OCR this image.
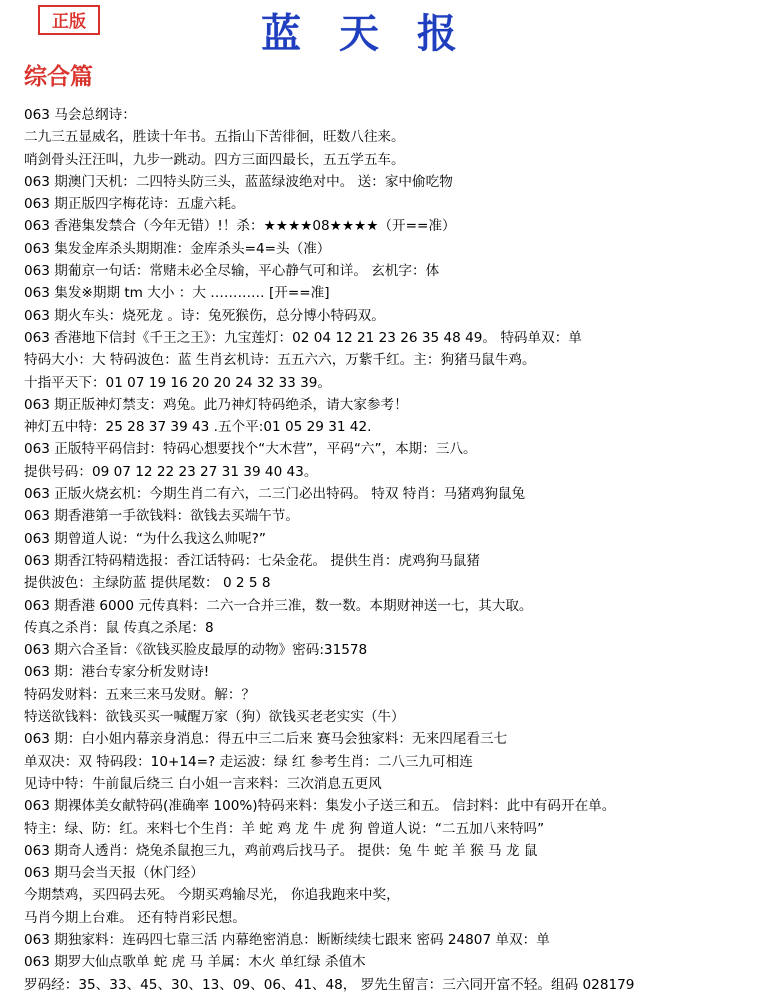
正版	蓝 天 报
综合篇
063 马会总纲诗：
二九三五显威名，胜读十年书。五指山下苦徘徊，旺数八往来。
哨剑骨头汪汪叫，九步一跳动。四方三面四最长，五五学五车。
063 期澳门天机：二四特头防三头，蓝蓝绿波绝对中。 送：家中偷吃物
063 期正版四字梅花诗：五虚六耗。
063 香港集发禁合（今年无错）!！杀：★★★★08★★★★（开==准）
063 集发金库杀头期期准：金库杀头=4=头（准）
063 期葡京一句话：常赌未必全尽输，平心静气可和详。 玄机字：体
063 集发※期期 tm 大小 ：大 ………… [开==准]
063 期火车头：烧死龙 。诗：兔死猴伤，总分博小特码双。
063 香港地下信封《千王之王》：九宝莲灯：02 04 12 21 23 26 35 48 49。 特码单双：单
特码大小：大 特码波色：蓝 生肖玄机诗：五五六六，万紫千红。主：狗猪马鼠牛鸡。
十指平天下：01 07 19 16 20 20 24 32 33 39。
063 期正版神灯禁支：鸡兔。此乃神灯特码绝杀，请大家参考！
神灯五中特：25 28 37 39 43 .五个平:01 05 29 31 42.
063 正版特平码信封：特码心想要找个“大木营”，平码“六”，本期：三八。
提供号码：09 07 12 22 23 27 31 39 40 43。
063 正版火烧玄机：今期生肖二有六，二三门必出特码。 特双 特肖：马猪鸡狗鼠兔
063 期香港第一手欲钱料：欲钱去买端午节。
063 期曾道人说：“为什么我这么帅呢?”
063 期香江特码精选报：香江话特码：七朵金花。 提供生肖：虎鸡狗马鼠猪
提供波色：主绿防蓝 提供尾数： 0 2 5 8
063 期香港 6000 元传真料：二六一合并三准，数一数。本期财神送一七，其大取。
传真之杀肖：鼠 传真之杀尾：8
063 期六合圣旨：《欲钱买脸皮最厚的动物》密码:31578
063 期：港台专家分析发财诗!
特码发财料：五来三来马发财。解：？
特送欲钱料：欲钱买买一喊醒万家（狗）欲钱买老老实实（牛）
063 期：白小姐内幕亲身消息：得五中三二后来 赛马会独家料：无来四尾看三七
单双决：双 特码段：10+14=? 走运波：绿 红 参考生肖：二八三九可相连
见诗中特：牛前鼠后绕三 白小姐一言来料：三次消息五更风
063 期裸体美女献特码(准确率 100%)特码来料：集发小子送三和五。 信封料：此中有码开在单。
特主：绿、防：红。来料七个生肖：羊 蛇 鸡 龙 牛 虎 狗 曾道人说：“二五加八来特吗”
063 期奇人透肖：烧兔杀鼠抱三九，鸡前鸡后找马子。 提供：兔 牛 蛇 羊 猴 马 龙 鼠
063 期马会当天报（休门经）
今期禁鸡，买四码去死。 今期买鸡输尽光， 你追我跑来中奖，
马肖今期上台难。 还有特肖彩民想。
063 期独家料：连码四七靠三活 内幕绝密消息：断断续续七跟来 密码 24807 单双：单
063 期罗大仙点歌单 蛇 虎 马 羊属：木火 单红绿 杀值木
罗码经：35、33、45、30、13、09、06、41、48， 罗先生留言：三六同开富不轻。组码 028179
